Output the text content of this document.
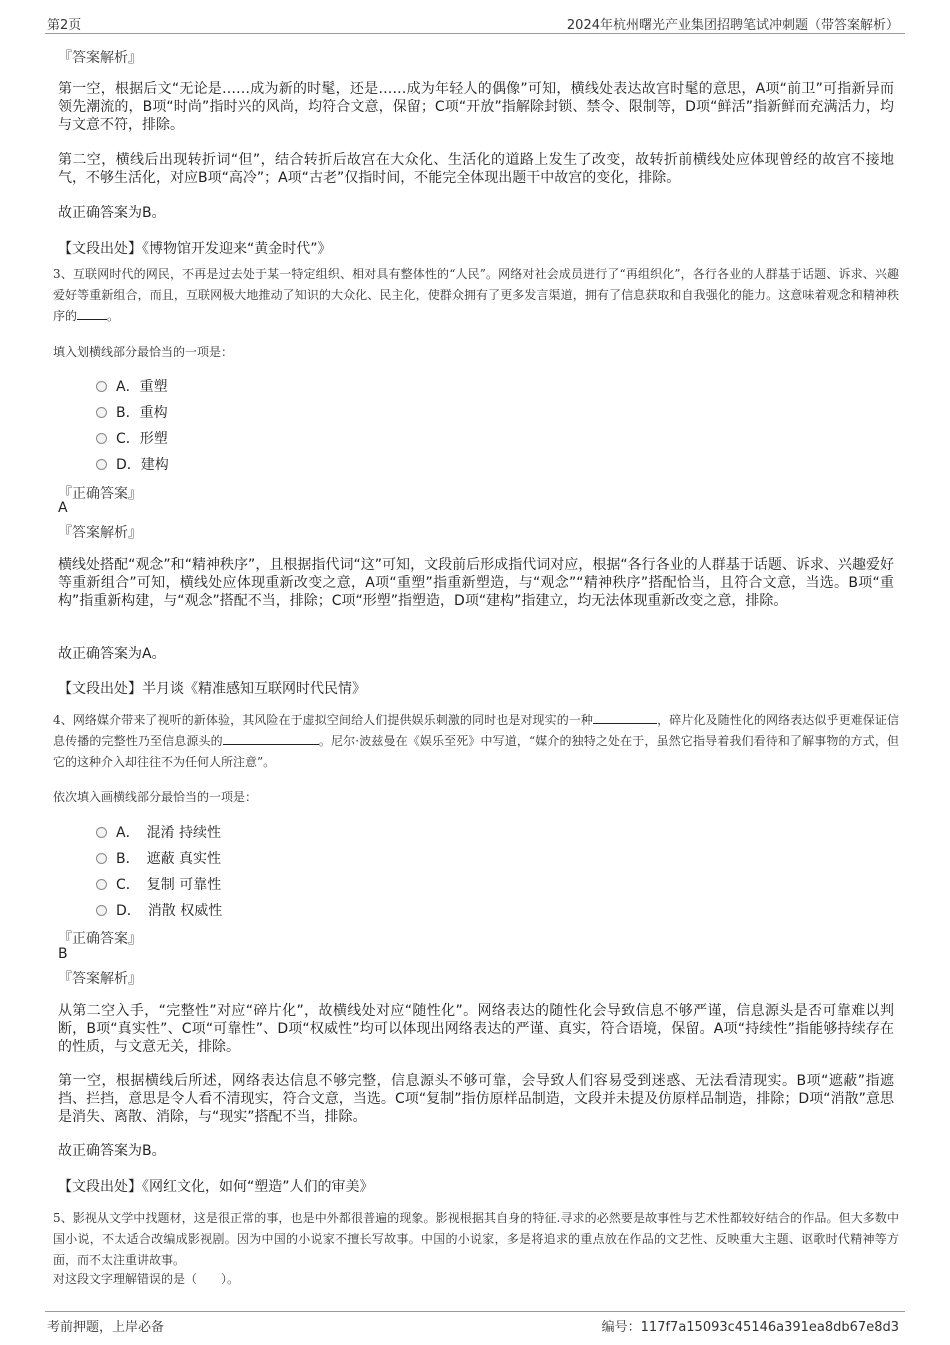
第2页	2024年杭州曙光产业集团招聘笔试冲刺题（带答案解析）
『答案解析』
第一空，根据后文“无论是……成为新的时髦，还是……成为年轻人的偶像”可知，横线处表达故宫时髦的意思，A项“前卫”可指新异而领先潮流的，B项“时尚”指时兴的风尚，均符合文意，保留；C项“开放”指解除封锁、禁令、限制等，D项“鲜活”指新鲜而充满活力，均与文意不符，排除。
第二空，横线后出现转折词“但”，结合转折后故宫在大众化、生活化的道路上发生了改变，故转折前横线处应体现曾经的故宫不接地气，不够生活化，对应B项“高冷”；A项“古老”仅指时间，不能完全体现出题干中故宫的变化，排除。
故正确答案为B。
【文段出处】《博物馆开发迎来“黄金时代”》
3、互联网时代的网民，不再是过去处于某一特定组织、相对具有整体性的“人民”。网络对社会成员进行了“再组织化”，各行各业的人群基于话题、诉求、兴趣爱好等重新组合，而且，互联网极大地推动了知识的大众化、民主化，使群众拥有了更多发言渠道，拥有了信息获取和自我强化的能力。这意味着观念和精神秩序的	。
填入划横线部分最恰当的一项是：
A．重塑
B．重构
C．形塑
D．建构
『正确答案』
A
『答案解析』
横线处搭配“观念”和“精神秩序”，且根据指代词“这”可知，文段前后形成指代词对应，根据“各行各业的人群基于话题、诉求、兴趣爱好等重新组合”可知，横线处应体现重新改变之意，A项“重塑”指重新塑造，与“观念”“精神秩序”搭配恰当，且符合文意，当选。B项“重构”指重新构建，与“观念”搭配不当，排除；C项“形塑”指塑造，D项“建构”指建立，均无法体现重新改变之意，排除。
故正确答案为A。
【文段出处】半月谈《精准感知互联网时代民情》
4、网络媒介带来了视听的新体验，其风险在于虚拟空间给人们提供娱乐刺激的同时也是对现实的一种	，碎片化及随性化的网络表达似乎更难保证信息传播的完整性乃至信息源头的	。尼尔·波兹曼在《娱乐至死》中写道，“媒介的独特之处在于，虽然它指导着我们看待和了解事物的方式，但它的这种介入却往往不为任何人所注意”。
依次填入画横线部分最恰当的一项是：
A．　混淆 持续性
B．　遮蔽 真实性
C．　复制 可靠性
D．　消散 权威性
『正确答案』
B
『答案解析』
从第二空入手，“完整性”对应“碎片化”，故横线处对应“随性化”。网络表达的随性化会导致信息不够严谨，信息源头是否可靠难以判断，B项“真实性”、C项“可靠性”、D项“权威性”均可以体现出网络表达的严谨、真实，符合语境，保留。A项“持续性”指能够持续存在的性质，与文意无关，排除。
第一空，根据横线后所述，网络表达信息不够完整，信息源头不够可靠，会导致人们容易受到迷惑、无法看清现实。B项“遮蔽”指遮挡、拦挡，意思是令人看不清现实，符合文意，当选。C项“复制”指仿原样品制造，文段并未提及仿原样品制造，排除；D项“消散”意思是消失、离散、消除，与“现实”搭配不当，排除。
故正确答案为B。
【文段出处】《网红文化，如何“塑造”人们的审美》
5、影视从文学中找题材，这是很正常的事，也是中外都很普遍的现象。影视根据其自身的特征.寻求的必然要是故事性与艺术性都较好结合的作品。但大多数中国小说，不太适合改编成影视剧。因为中国的小说家不擅长写故事。中国的小说家，多是将追求的重点放在作品的文艺性、反映重大主题、讴歌时代精神等方面，而不太注重讲故事。
对这段文字理解错误的是（　　）。
考前押题，上岸必备	编号：117f7a15093c45146a391ea8db67e8d3
